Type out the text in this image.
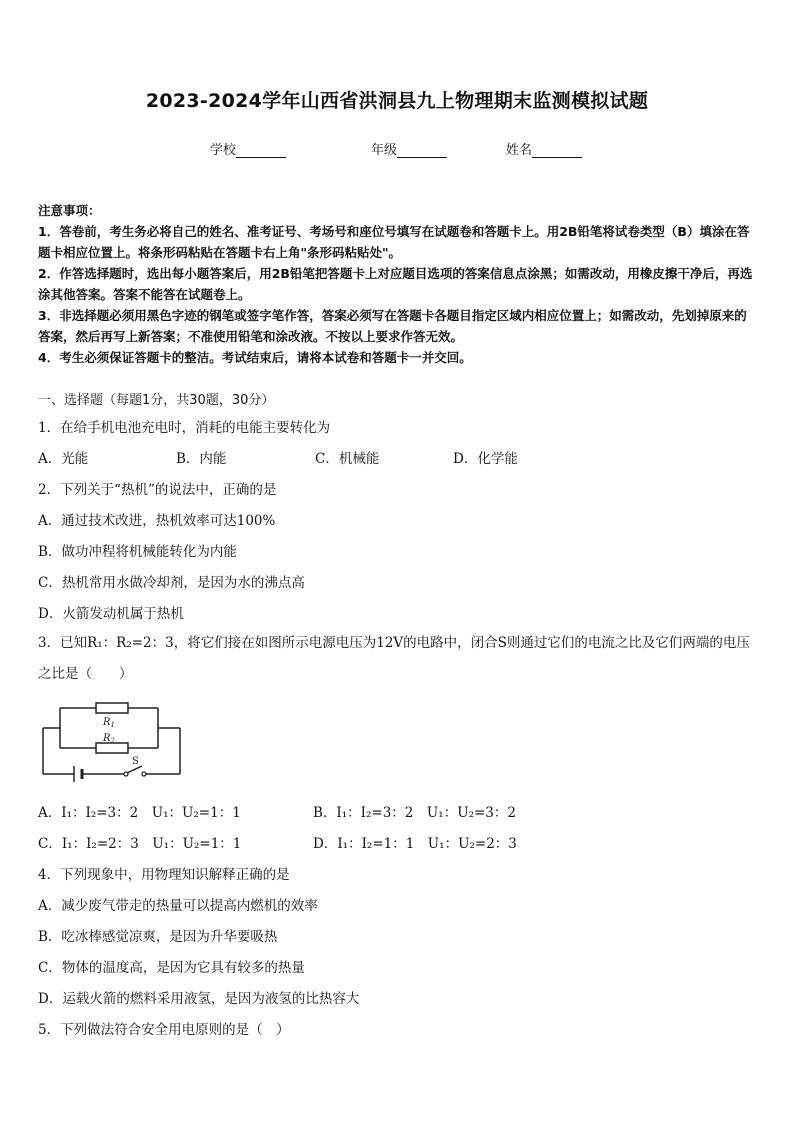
2023-2024学年山西省洪洞县九上物理期末监测模拟试题
学校	年级	姓名

注意事项：

1．答卷前，考生务必将自己的姓名、准考证号、考场号和座位号填写在试题卷和答题卡上。用2B铅笔将试卷类型（B）填涂在答题卡相应位置上。将条形码粘贴在答题卡右上角"条形码粘贴处"。

2．作答选择题时，选出每小题答案后，用2B铅笔把答题卡上对应题目选项的答案信息点涂黑；如需改动，用橡皮擦干净后，再选涂其他答案。答案不能答在试题卷上。

3．非选择题必须用黑色字迹的钢笔或签字笔作答，答案必须写在答题卡各题目指定区域内相应位置上；如需改动，先划掉原来的答案，然后再写上新答案；不准使用铅笔和涂改液。不按以上要求作答无效。

4．考生必须保证答题卡的整洁。考试结束后，请将本试卷和答题卡一并交回。

一、选择题（每题1分，共30题，30分）
1．在给手机电池充电时，消耗的电能主要转化为
A．光能	B．内能	C．机械能	D．化学能
2．下列关于“热机”的说法中，正确的是
A．通过技术改进，热机效率可达100%
B．做功冲程将机械能转化为内能
C．热机常用水做冷却剂，是因为水的沸点高
D．火箭发动机属于热机
3．已知R₁：R₂=2：3，将它们接在如图所示电源电压为12V的电路中，闭合S则通过它们的电流之比及它们两端的电压之比是（　　）
$R_1$
$R_2$
S
A．I₁：I₂=3：2　U₁：U₂=1：1	B．I₁：I₂=3：2　U₁：U₂=3：2
C．I₁：I₂=2：3　U₁：U₂=1：1	D．I₁：I₂=1：1　U₁：U₂=2：3
4．下列现象中，用物理知识解释正确的是
A．减少废气带走的热量可以提高内燃机的效率
B．吃冰棒感觉凉爽，是因为升华要吸热
C．物体的温度高，是因为它具有较多的热量
D．运载火箭的燃料采用液氢，是因为液氢的比热容大
5．下列做法符合安全用电原则的是（　）
